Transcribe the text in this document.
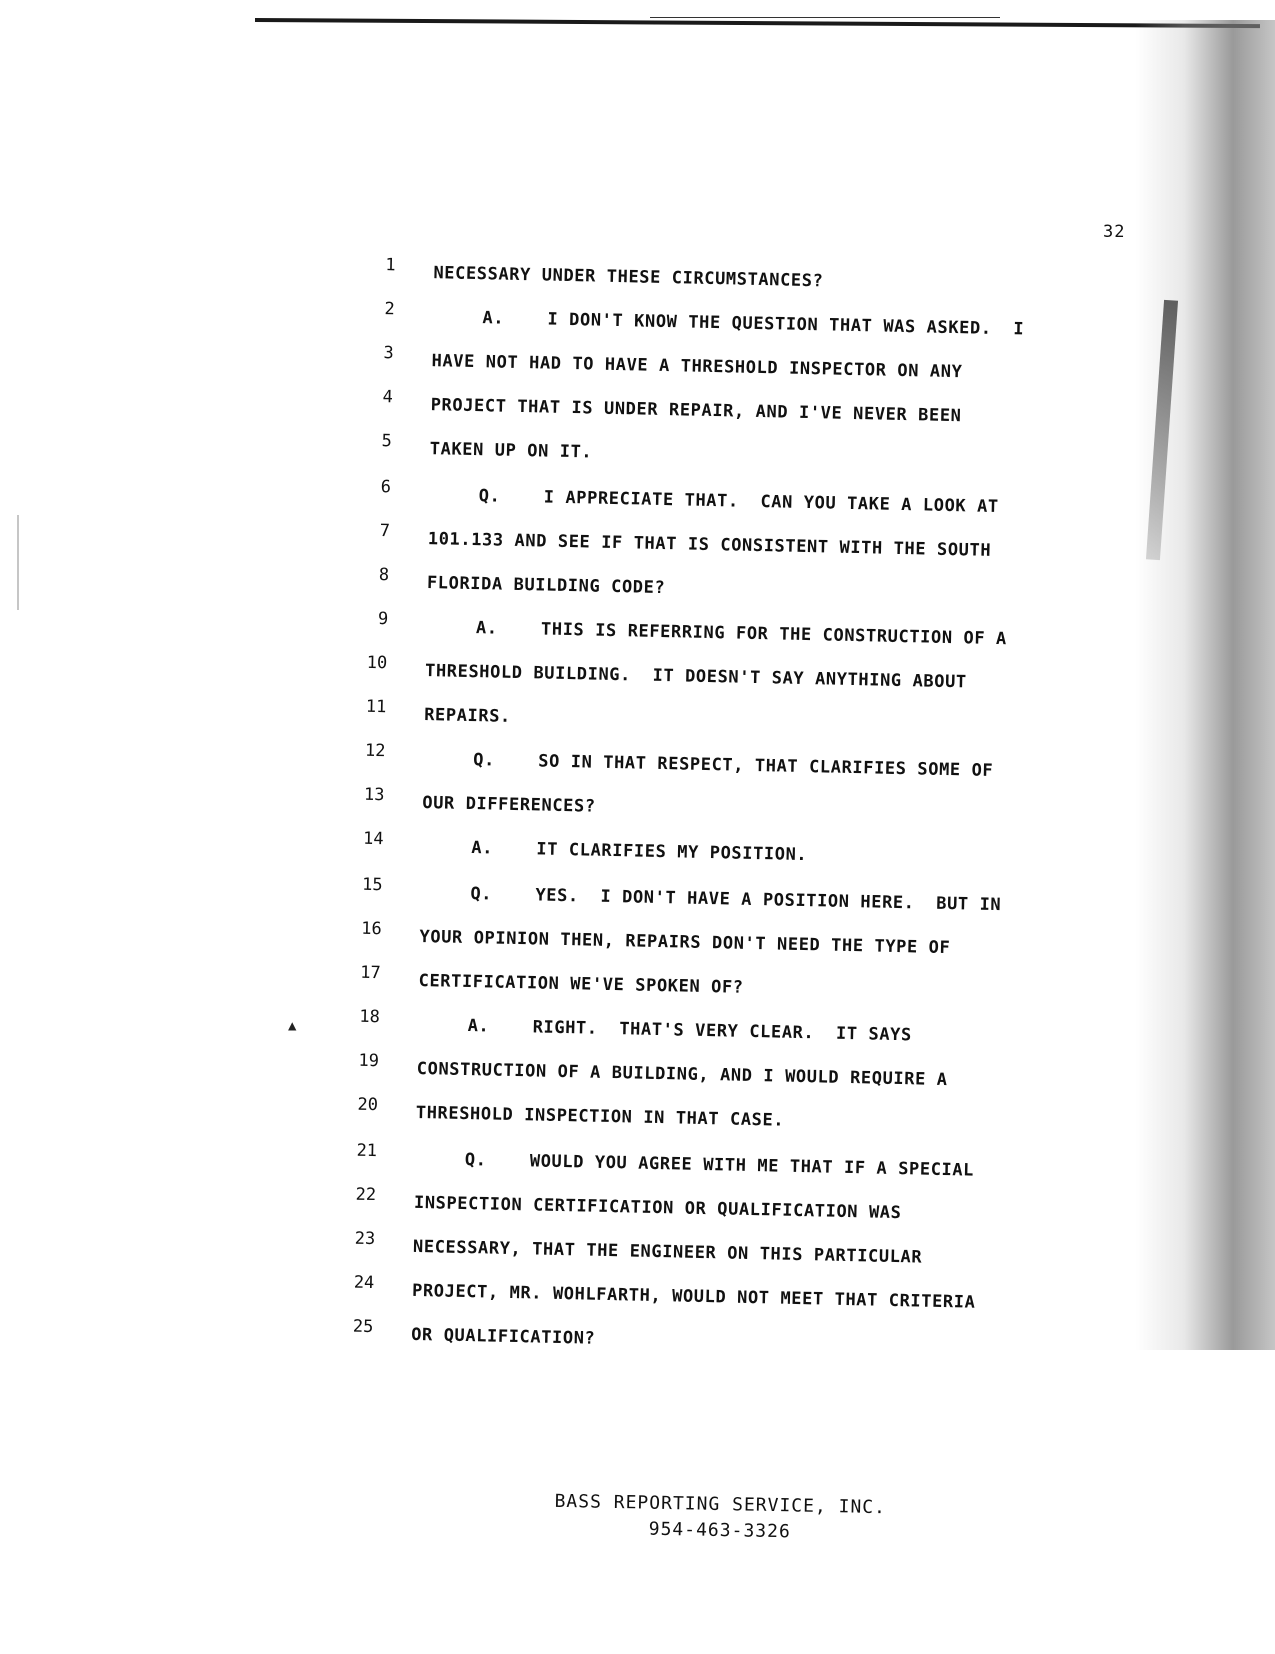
▲
32
1 NECESSARY UNDER THESE CIRCUMSTANCES?
2	A.    I DON'T KNOW THE QUESTION THAT WAS ASKED.  I
3 HAVE NOT HAD TO HAVE A THRESHOLD INSPECTOR ON ANY
4 PROJECT THAT IS UNDER REPAIR, AND I'VE NEVER BEEN
5 TAKEN UP ON IT.
6	Q.    I APPRECIATE THAT.  CAN YOU TAKE A LOOK AT
7 101.133 AND SEE IF THAT IS CONSISTENT WITH THE SOUTH
8 FLORIDA BUILDING CODE?
9	A.    THIS IS REFERRING FOR THE CONSTRUCTION OF A
10 THRESHOLD BUILDING.  IT DOESN'T SAY ANYTHING ABOUT
11 REPAIRS.
12	Q.    SO IN THAT RESPECT, THAT CLARIFIES SOME OF
13 OUR DIFFERENCES?
14	A.    IT CLARIFIES MY POSITION.
15	Q.    YES.  I DON'T HAVE A POSITION HERE.  BUT IN
16 YOUR OPINION THEN, REPAIRS DON'T NEED THE TYPE OF
17 CERTIFICATION WE'VE SPOKEN OF?
18	A.    RIGHT.  THAT'S VERY CLEAR.  IT SAYS
19 CONSTRUCTION OF A BUILDING, AND I WOULD REQUIRE A
20 THRESHOLD INSPECTION IN THAT CASE.
21	Q.    WOULD YOU AGREE WITH ME THAT IF A SPECIAL
22 INSPECTION CERTIFICATION OR QUALIFICATION WAS
23 NECESSARY, THAT THE ENGINEER ON THIS PARTICULAR
24 PROJECT, MR. WOHLFARTH, WOULD NOT MEET THAT CRITERIA
25 OR QUALIFICATION?
BASS REPORTING SERVICE, INC.
954-463-3326
